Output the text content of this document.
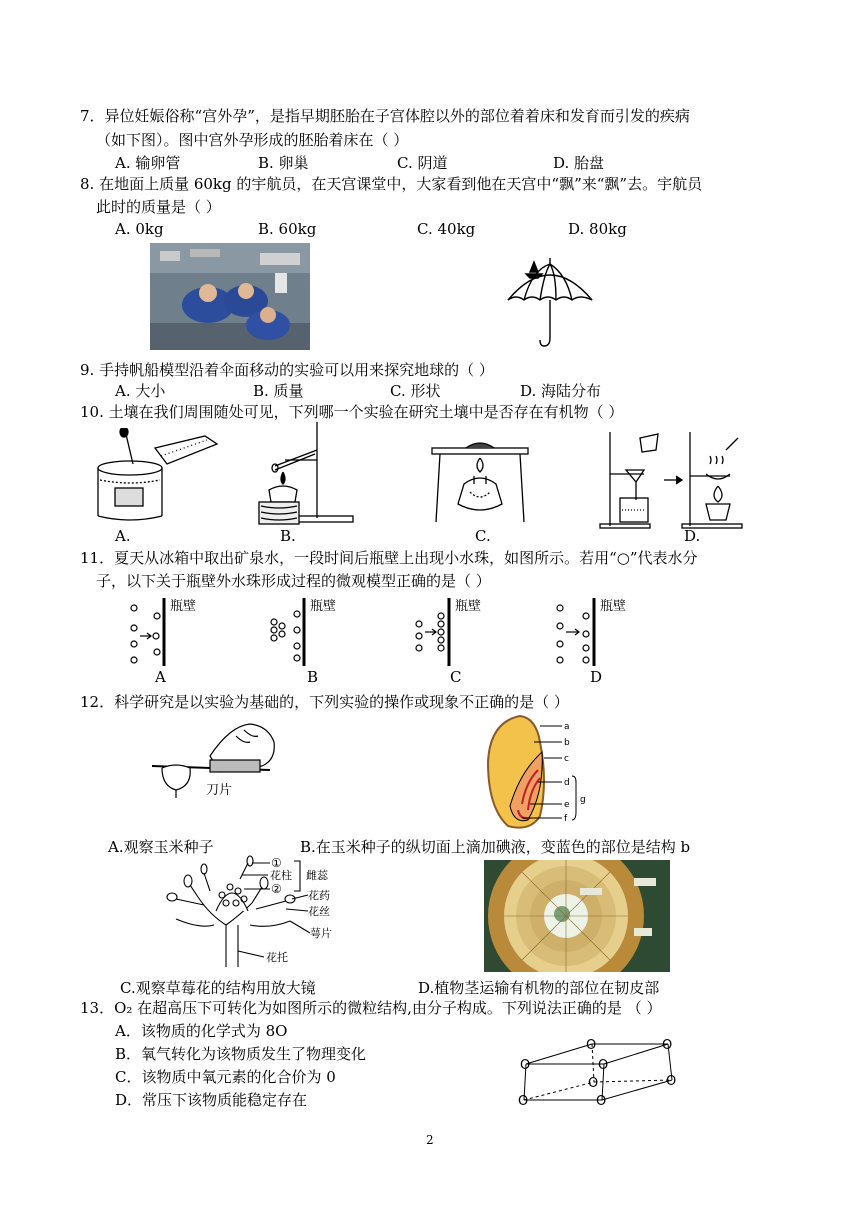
7．异位妊娠俗称“宫外孕”，是指早期胚胎在子宫体腔以外的部位着着床和发育而引发的疾病
（如下图）。图中宫外孕形成的胚胎着床在（ ）
A. 输卵管	B. 卵巢	C. 阴道	D. 胎盘
8. 在地面上质量 60kg 的宇航员，在天宫课堂中，大家看到他在天宫中“飘”来“飘”去。宇航员
此时的质量是（ ）
A. 0kg	B. 60kg	C. 40kg	D. 80kg
9. 手持帆船模型沿着伞面移动的实验可以用来探究地球的（ ）
A. 大小	B. 质量	C. 形状	D. 海陆分布
10. 土壤在我们周围随处可见，下列哪一个实验在研究土壤中是否存在有机物（ ）
A.	B.	C.	D.
11．夏天从冰箱中取出矿泉水，一段时间后瓶壁上出现小水珠，如图所示。若用“○”代表水分
子，以下关于瓶壁外水珠形成过程的微观模型正确的是（ ）
瓶壁
A
瓶壁
B
瓶壁
C
瓶壁
D
12．科学研究是以实验为基础的，下列实验的操作或现象不正确的是（ ）
刀片
A.观察玉米种子
a
b
c
d
e
f
g
B.在玉米种子的纵切面上滴加碘液，变蓝色的部位是结构 b
①
花柱
②
雌蕊
花药
花丝
萼片
花托
C.观察草莓花的结构用放大镜	D.植物茎运输有机物的部位在韧皮部
13．O₂ 在超高压下可转化为如图所示的微粒结构,由分子构成。下列说法正确的是 （ ）
A．该物质的化学式为 8O
B．氧气转化为该物质发生了物理变化
C．该物质中氧元素的化合价为 0
D．常压下该物质能稳定存在
O
O	O
O
O	O
O	O
2
